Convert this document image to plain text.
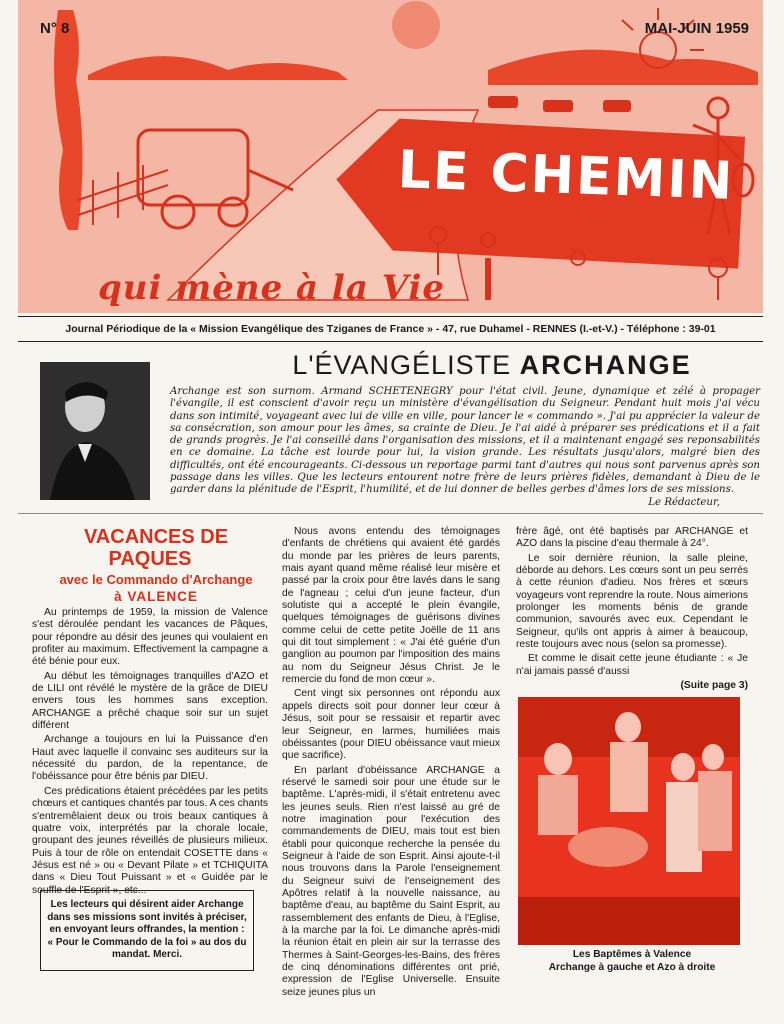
N° 8	MAI-JUIN 1959
LE CHEMIN
qui mène à la Vie
Journal Périodique de la « Mission Evangélique des Tziganes de France » - 47, rue Duhamel - RENNES (I.-et-V.) - Téléphone : 39-01
L'ÉVANGÉLISTE ARCHANGE
Archange est son surnom. Armand SCHETENEGRY pour l'état civil. Jeune, dynamique et zélé à propager l'évangile, il est conscient d'avoir reçu un ministère d'évangélisation du Seigneur. Pendant huit mois j'ai vécu dans son intimité, voyageant avec lui de ville en ville, pour lancer le « commando ». J'ai pu apprécier la valeur de sa consécration, son amour pour les âmes, sa crainte de Dieu. Je l'ai aidé à préparer ses prédications et il a fait de grands progrès. Je l'ai conseillé dans l'organisation des missions, et il a maintenant engagé ses reponsabilités en ce domaine. La tâche est lourde pour lui, la vision grande. Les résultats jusqu'alors, malgré bien des difficultés, ont été encourageants. Ci-dessous un reportage parmi tant d'autres qui nous sont parvenus après son passage dans les villes. Que les lecteurs entourent notre frère de leurs prières fidèles, demandant à Dieu de le garder dans la plénitude de l'Esprit, l'humilité, et de lui donner de belles gerbes d'âmes lors de ses missions.
Le Rédacteur,

VACANCES DE PAQUES

avec le Commando d'Archange

à VALENCE

Au printemps de 1959, la mission de Valence s'est déroulée pendant les vacances de Pâques, pour répondre au désir des jeunes qui voulaient en profiter au maximum. Effectivement la campagne a été bénie pour eux.

Au début les témoignages tranquilles d'AZO et de LILI ont révélé le mystère de la grâce de DIEU envers tous les hommes sans exception. ARCHANGE a prêché chaque soir sur un sujet différent

Archange a toujours en lui la Puissance d'en Haut avec laquelle il convainc ses auditeurs sur la nécessité du pardon, de la repentance, de l'obéissance pour être bénis par DIEU.

Ces prédications étaient précédées par les petits chœurs et cantiques chantés par tous. A ces chants s'entremêlaient deux ou trois beaux cantiques à quatre voix, interprétés par la chorale locale, groupant des jeunes réveillés de plusieurs milieux. Puis à tour de rôle on entendait COSETTE dans « Jésus est né » ou « Devant Pilate » et TCHIQUITA dans « Dieu Tout Puissant » et « Guidée par le souffle de l'Esprit », etc...

Les lecteurs qui désirent aider Archange dans ses missions sont invités à préciser, en envoyant leurs offrandes, la mention : « Pour le Commando de la foi » au dos du mandat. Merci.

Nous avons entendu des témoignages d'enfants de chrétiens qui avaient été gardés du monde par les prières de leurs parents, mais ayant quand même réalisé leur misère et passé par la croix pour être lavés dans le sang de l'agneau ; celui d'un jeune facteur, d'un solutiste qui a accepté le plein évangile, quelques témoignages de guérisons divines comme celui de cette petite Joëlle de 11 ans qui dit tout simplement : « J'ai été guérie d'un ganglion au poumon par l'imposition des mains au nom du Seigneur Jésus Christ. Je le remercie du fond de mon cœur ».

Cent vingt six personnes ont répondu aux appels directs soit pour donner leur cœur à Jésus, soit pour se ressaisir et repartir avec leur Seigneur, en larmes, humiliées mais obéissantes (pour DIEU obéissance vaut mieux que sacrifice).

En parlant d'obéissance ARCHANGE a réservé le samedi soir pour une étude sur le baptême. L'après-midi, il s'était entretenu avec les jeunes seuls. Rien n'est laissé au gré de notre imagination pour l'exécution des commandements de DIEU, mais tout est bien établi pour quiconque recherche la pensée du Seigneur à l'aide de son Esprit. Ainsi ajoute-t-il nous trouvons dans la Parole l'enseignement du Seigneur suivi de l'enseignement des Apôtres relatif à la nouvelle naissance, au baptême d'eau, au baptême du Saint Esprit, au rassemblement des enfants de Dieu, à l'Eglise, à la marche par la foi. Le dimanche après-midi la réunion était en plein air sur la terrasse des Thermes à Saint-Georges-les-Bains, des frères de cinq dénominations différentes ont prié, expression de l'Eglise Universelle. Ensuite seize jeunes plus un

frère âgé, ont été baptisés par ARCHANGE et AZO dans la piscine d'eau thermale à 24°.

Le soir dernière réunion, la salle pleine, déborde au dehors. Les cœurs sont un peu serrés à cette réunion d'adieu. Nos frères et sœurs voyageurs vont reprendre la route. Nous aimerions prolonger les moments bénis de grande communion, savourés avec eux. Cependant le Seigneur, qu'ils ont appris à aimer à beaucoup, reste toujours avec nous (selon sa promesse).

Et comme le disait cette jeune étudiante : « Je n'ai jamais passé d'aussi

(Suite page 3)

Les Baptêmes à Valence
Archange à gauche et Azo à droite
